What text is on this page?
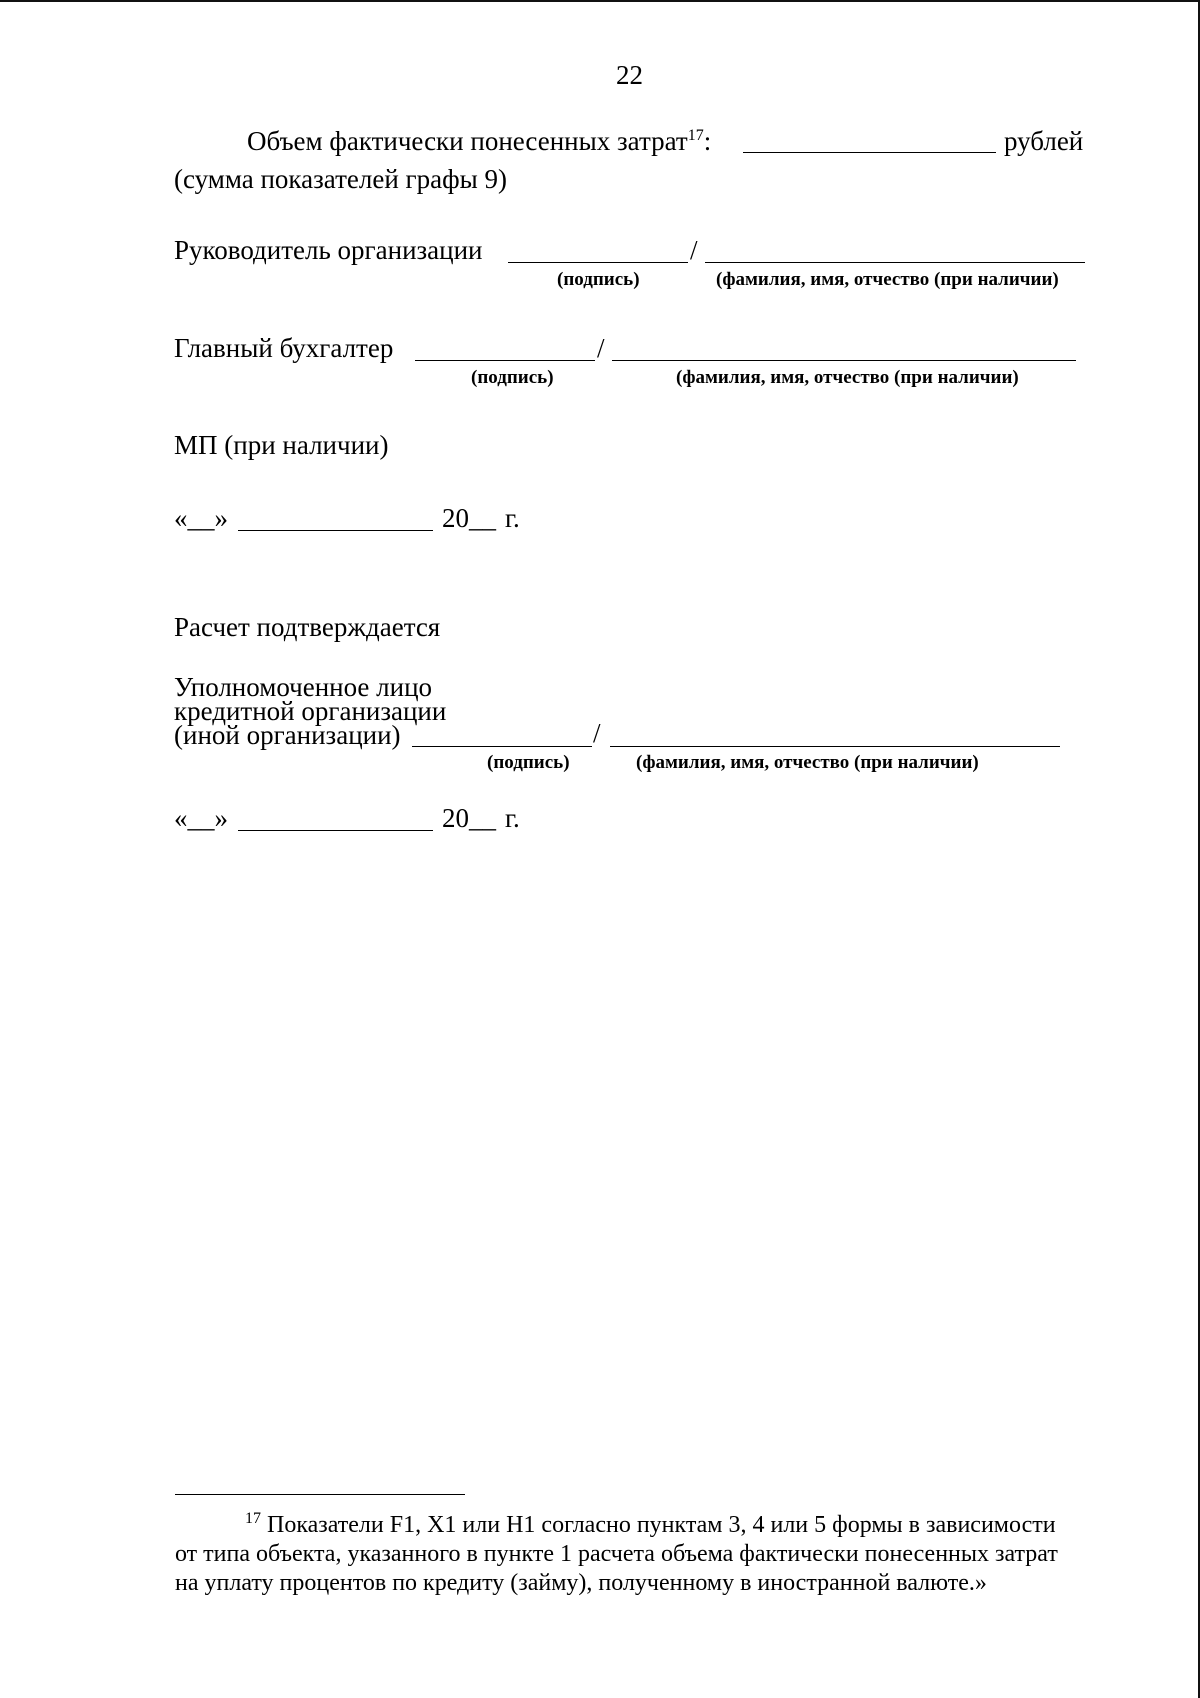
22
Объем фактически понесенных затрат$^{17}$:	рублей
(сумма показателей графы 9)
Руководитель организации	/
(подпись)	(фамилия, имя, отчество (при наличии)
Главный бухгалтер	/
(подпись)	(фамилия, имя, отчество (при наличии)
МП (при наличии)
«__»	20__ г.
Расчет подтверждается
Уполномоченное лицо
кредитной организации
(иной организации)	/
(подпись)	(фамилия, имя, отчество (при наличии)
«__»	20__ г.
$^{17}$ Показатели F1, X1 или H1 согласно пунктам 3, 4 или 5 формы в зависимости
от типа объекта, указанного в пункте 1 расчета объема фактически понесенных затрат
на уплату процентов по кредиту (займу), полученному в иностранной валюте.»
